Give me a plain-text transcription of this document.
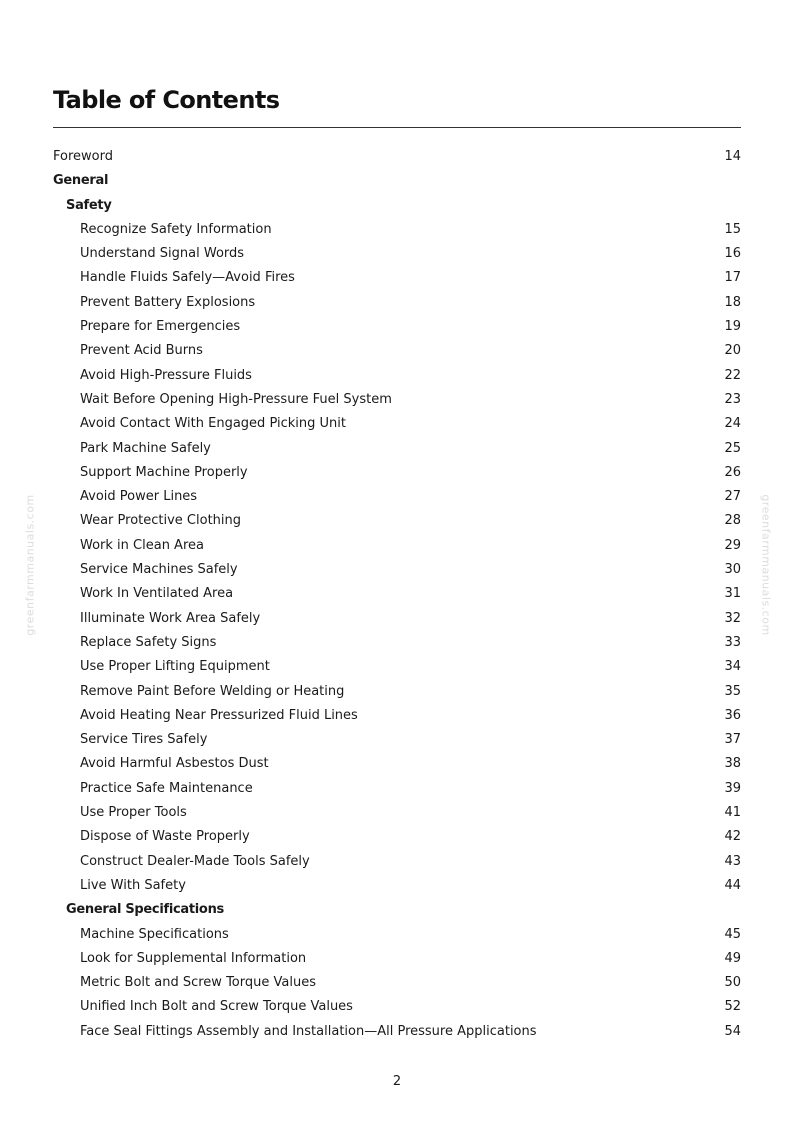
Table of Contents
Foreword	14
General
Safety
Recognize Safety Information	15
Understand Signal Words	16
Handle Fluids Safely—Avoid Fires	17
Prevent Battery Explosions	18
Prepare for Emergencies	19
Prevent Acid Burns	20
Avoid High-Pressure Fluids	22
Wait Before Opening High-Pressure Fuel System	23
Avoid Contact With Engaged Picking Unit	24
Park Machine Safely	25
Support Machine Properly	26
Avoid Power Lines	27
Wear Protective Clothing	28
Work in Clean Area	29
Service Machines Safely	30
Work In Ventilated Area	31
Illuminate Work Area Safely	32
Replace Safety Signs	33
Use Proper Lifting Equipment	34
Remove Paint Before Welding or Heating	35
Avoid Heating Near Pressurized Fluid Lines	36
Service Tires Safely	37
Avoid Harmful Asbestos Dust	38
Practice Safe Maintenance	39
Use Proper Tools	41
Dispose of Waste Properly	42
Construct Dealer-Made Tools Safely	43
Live With Safety	44
General Specifications
Machine Specifications	45
Look for Supplemental Information	49
Metric Bolt and Screw Torque Values	50
Unified Inch Bolt and Screw Torque Values	52
Face Seal Fittings Assembly and Installation—All Pressure Applications	54
greenfarmmanuals.com	greenfarmmanuals.com
2
